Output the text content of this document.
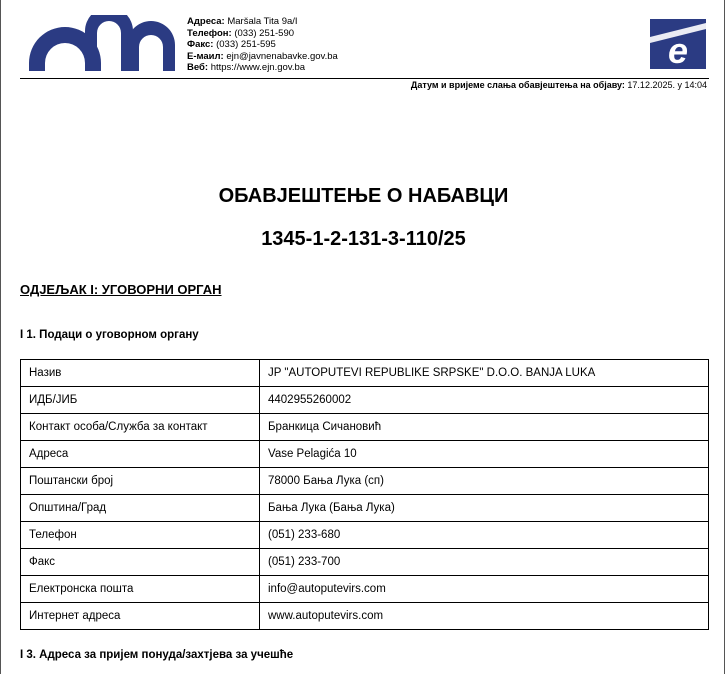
e
Адреса: Maršala Tita 9a/I
Телефон: (033) 251-590
Факс: (033) 251-595
Е-маил: ejn@javnenabavke.gov.ba
Веб: https://www.ejn.gov.ba
Датум и вријеме слања обавјештења на објаву: 17.12.2025. у 14:04
ОБАВЈЕШТЕЊЕ О НАБАВЦИ
1345-1-2-131-3-110/25
ОДЈЕЉАК I: УГОВОРНИ ОРГАН
I 1. Подаци о уговорном органу
Назив	JP "AUTOPUTEVI REPUBLIKE SRPSKE" D.O.O. BANJA LUKA
ИДБ/ЈИБ	4402955260002
Контакт особа/Служба за контакт	Бранкица Сичановић
Адреса	Vase Pelagića 10
Поштански број	78000 Бања Лука (сп)
Општина/Град	Бања Лука (Бања Лука)
Телефон	(051) 233-680
Факс	(051) 233-700
Електронска пошта	info@autoputevirs.com
Интернет адреса	www.autoputevirs.com
I 3. Адреса за пријем понуда/захтјева за учешће
